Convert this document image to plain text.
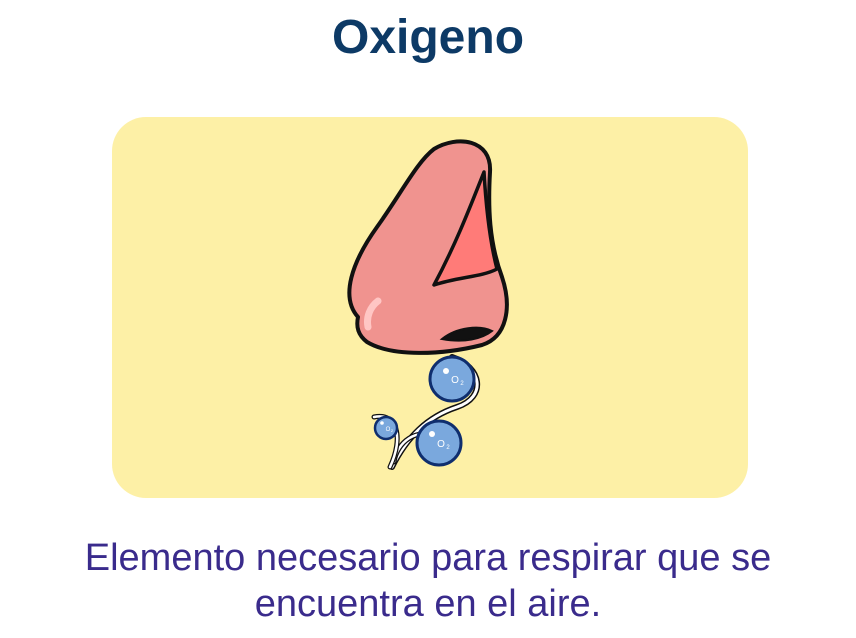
Oxigeno
O 2
O 2
O 2

Elemento necesario para respirar que se
encuentra en el aire.
